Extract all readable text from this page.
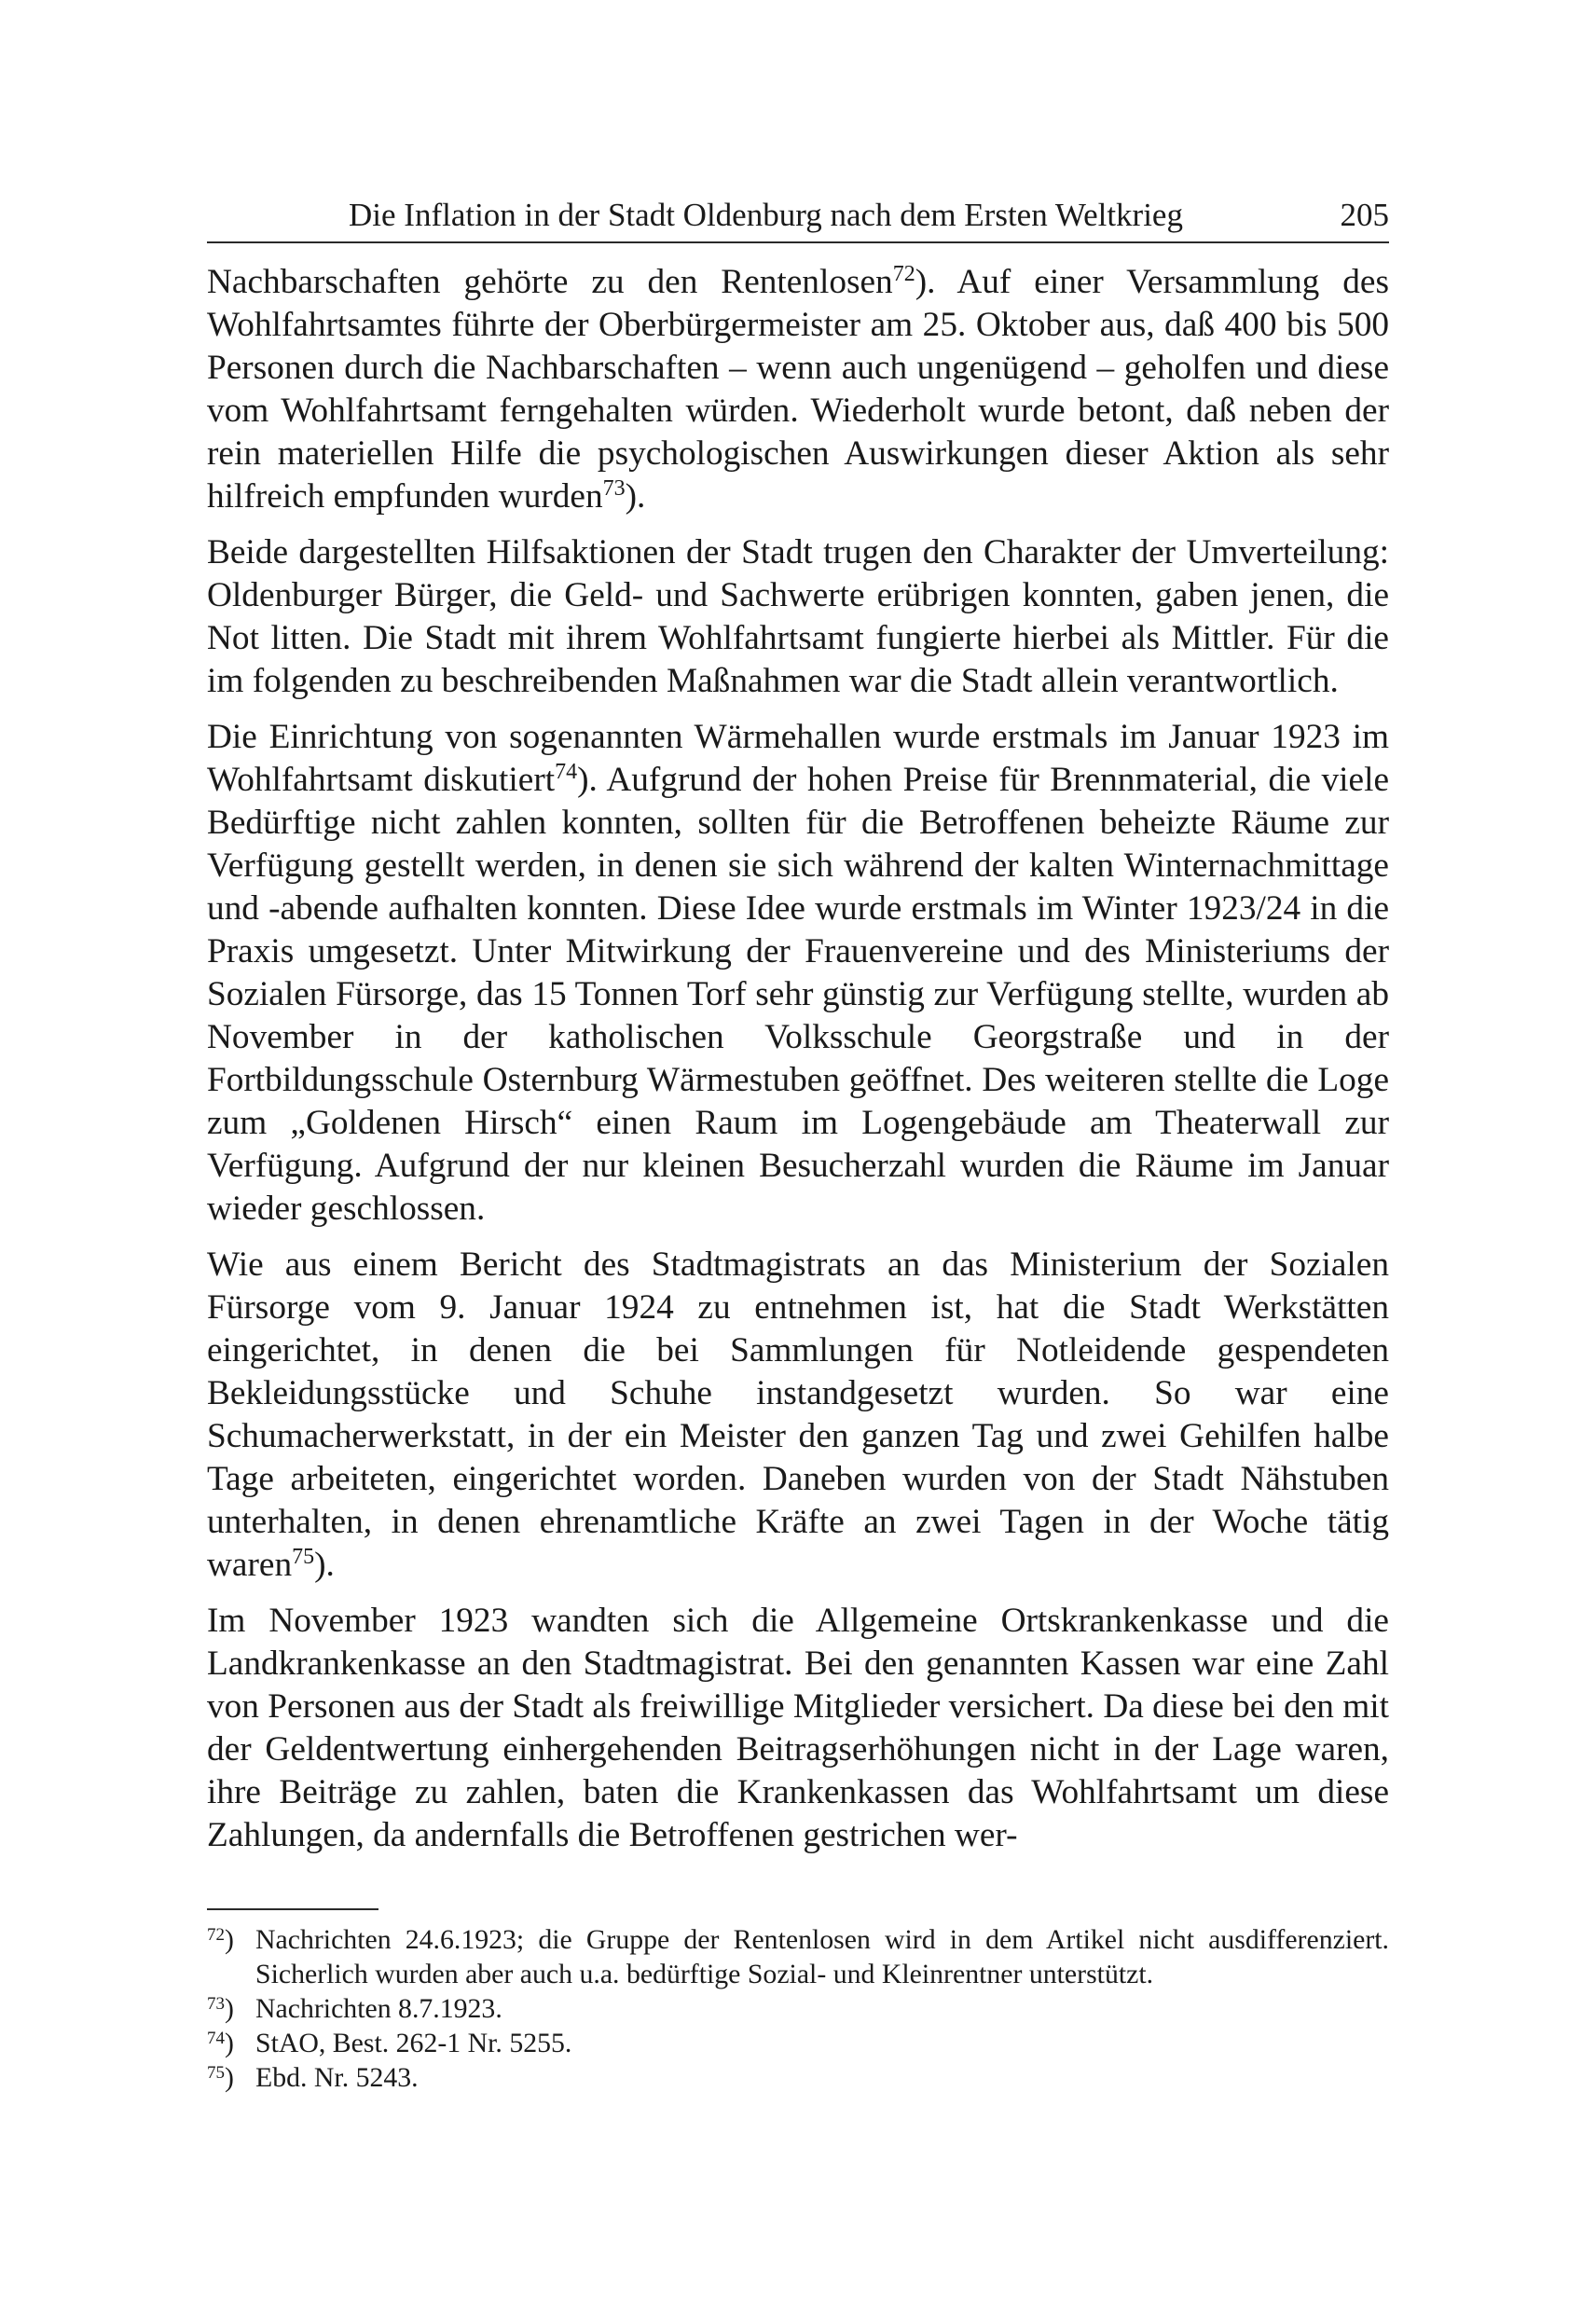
Die Inflation in der Stadt Oldenburg nach dem Ersten Weltkrieg	205

Nachbarschaften gehörte zu den Rentenlosen$^{72}$). Auf einer Versammlung des Wohlfahrtsamtes führte der Oberbürgermeister am 25. Oktober aus, daß 400 bis 500 Personen durch die Nachbarschaften – wenn auch ungenügend – geholfen und diese vom Wohlfahrtsamt ferngehalten würden. Wiederholt wurde betont, daß neben der rein materiellen Hilfe die psychologischen Auswirkungen dieser Aktion als sehr hilfreich empfunden wurden$^{73}$).

Beide dargestellten Hilfsaktionen der Stadt trugen den Charakter der Umverteilung: Oldenburger Bürger, die Geld- und Sachwerte erübrigen konnten, gaben jenen, die Not litten. Die Stadt mit ihrem Wohlfahrtsamt fungierte hierbei als Mittler. Für die im folgenden zu beschreibenden Maßnahmen war die Stadt allein verantwortlich.

Die Einrichtung von sogenannten Wärmehallen wurde erstmals im Januar 1923 im Wohlfahrtsamt diskutiert$^{74}$). Aufgrund der hohen Preise für Brennmaterial, die viele Bedürftige nicht zahlen konnten, sollten für die Betroffenen beheizte Räume zur Verfügung gestellt werden, in denen sie sich während der kalten Winternachmittage und -abende aufhalten konnten. Diese Idee wurde erstmals im Winter 1923/24 in die Praxis umgesetzt. Unter Mitwirkung der Frauenvereine und des Ministeriums der Sozialen Fürsorge, das 15 Tonnen Torf sehr günstig zur Verfügung stellte, wurden ab November in der katholischen Volksschule Georgstraße und in der Fortbildungsschule Osternburg Wärmestuben geöffnet. Des weiteren stellte die Loge zum „Goldenen Hirsch“ einen Raum im Logengebäude am Theaterwall zur Verfügung. Aufgrund der nur kleinen Besucherzahl wurden die Räume im Januar wieder geschlossen.

Wie aus einem Bericht des Stadtmagistrats an das Ministerium der Sozialen Fürsorge vom 9. Januar 1924 zu entnehmen ist, hat die Stadt Werkstätten eingerichtet, in denen die bei Sammlungen für Notleidende gespendeten Bekleidungsstücke und Schuhe instandgesetzt wurden. So war eine Schumacherwerkstatt, in der ein Meister den ganzen Tag und zwei Gehilfen halbe Tage arbeiteten, eingerichtet worden. Daneben wurden von der Stadt Nähstuben unterhalten, in denen ehrenamtliche Kräfte an zwei Tagen in der Woche tätig waren$^{75}$).

Im November 1923 wandten sich die Allgemeine Ortskrankenkasse und die Landkrankenkasse an den Stadtmagistrat. Bei den genannten Kassen war eine Zahl von Personen aus der Stadt als freiwillige Mitglieder versichert. Da diese bei den mit der Geldentwertung einhergehenden Beitragserhöhungen nicht in der Lage waren, ihre Beiträge zu zahlen, baten die Krankenkassen das Wohlfahrtsamt um diese Zahlungen, da andernfalls die Betroffenen gestrichen wer-

$^{72}$) Nachrichten 24.6.1923; die Gruppe der Rentenlosen wird in dem Artikel nicht ausdifferenziert. Sicherlich wurden aber auch u.a. bedürftige Sozial- und Kleinrentner unterstützt.
$^{73}$) Nachrichten 8.7.1923.
$^{74}$) StAO, Best. 262-1 Nr. 5255.
$^{75}$) Ebd. Nr. 5243.
